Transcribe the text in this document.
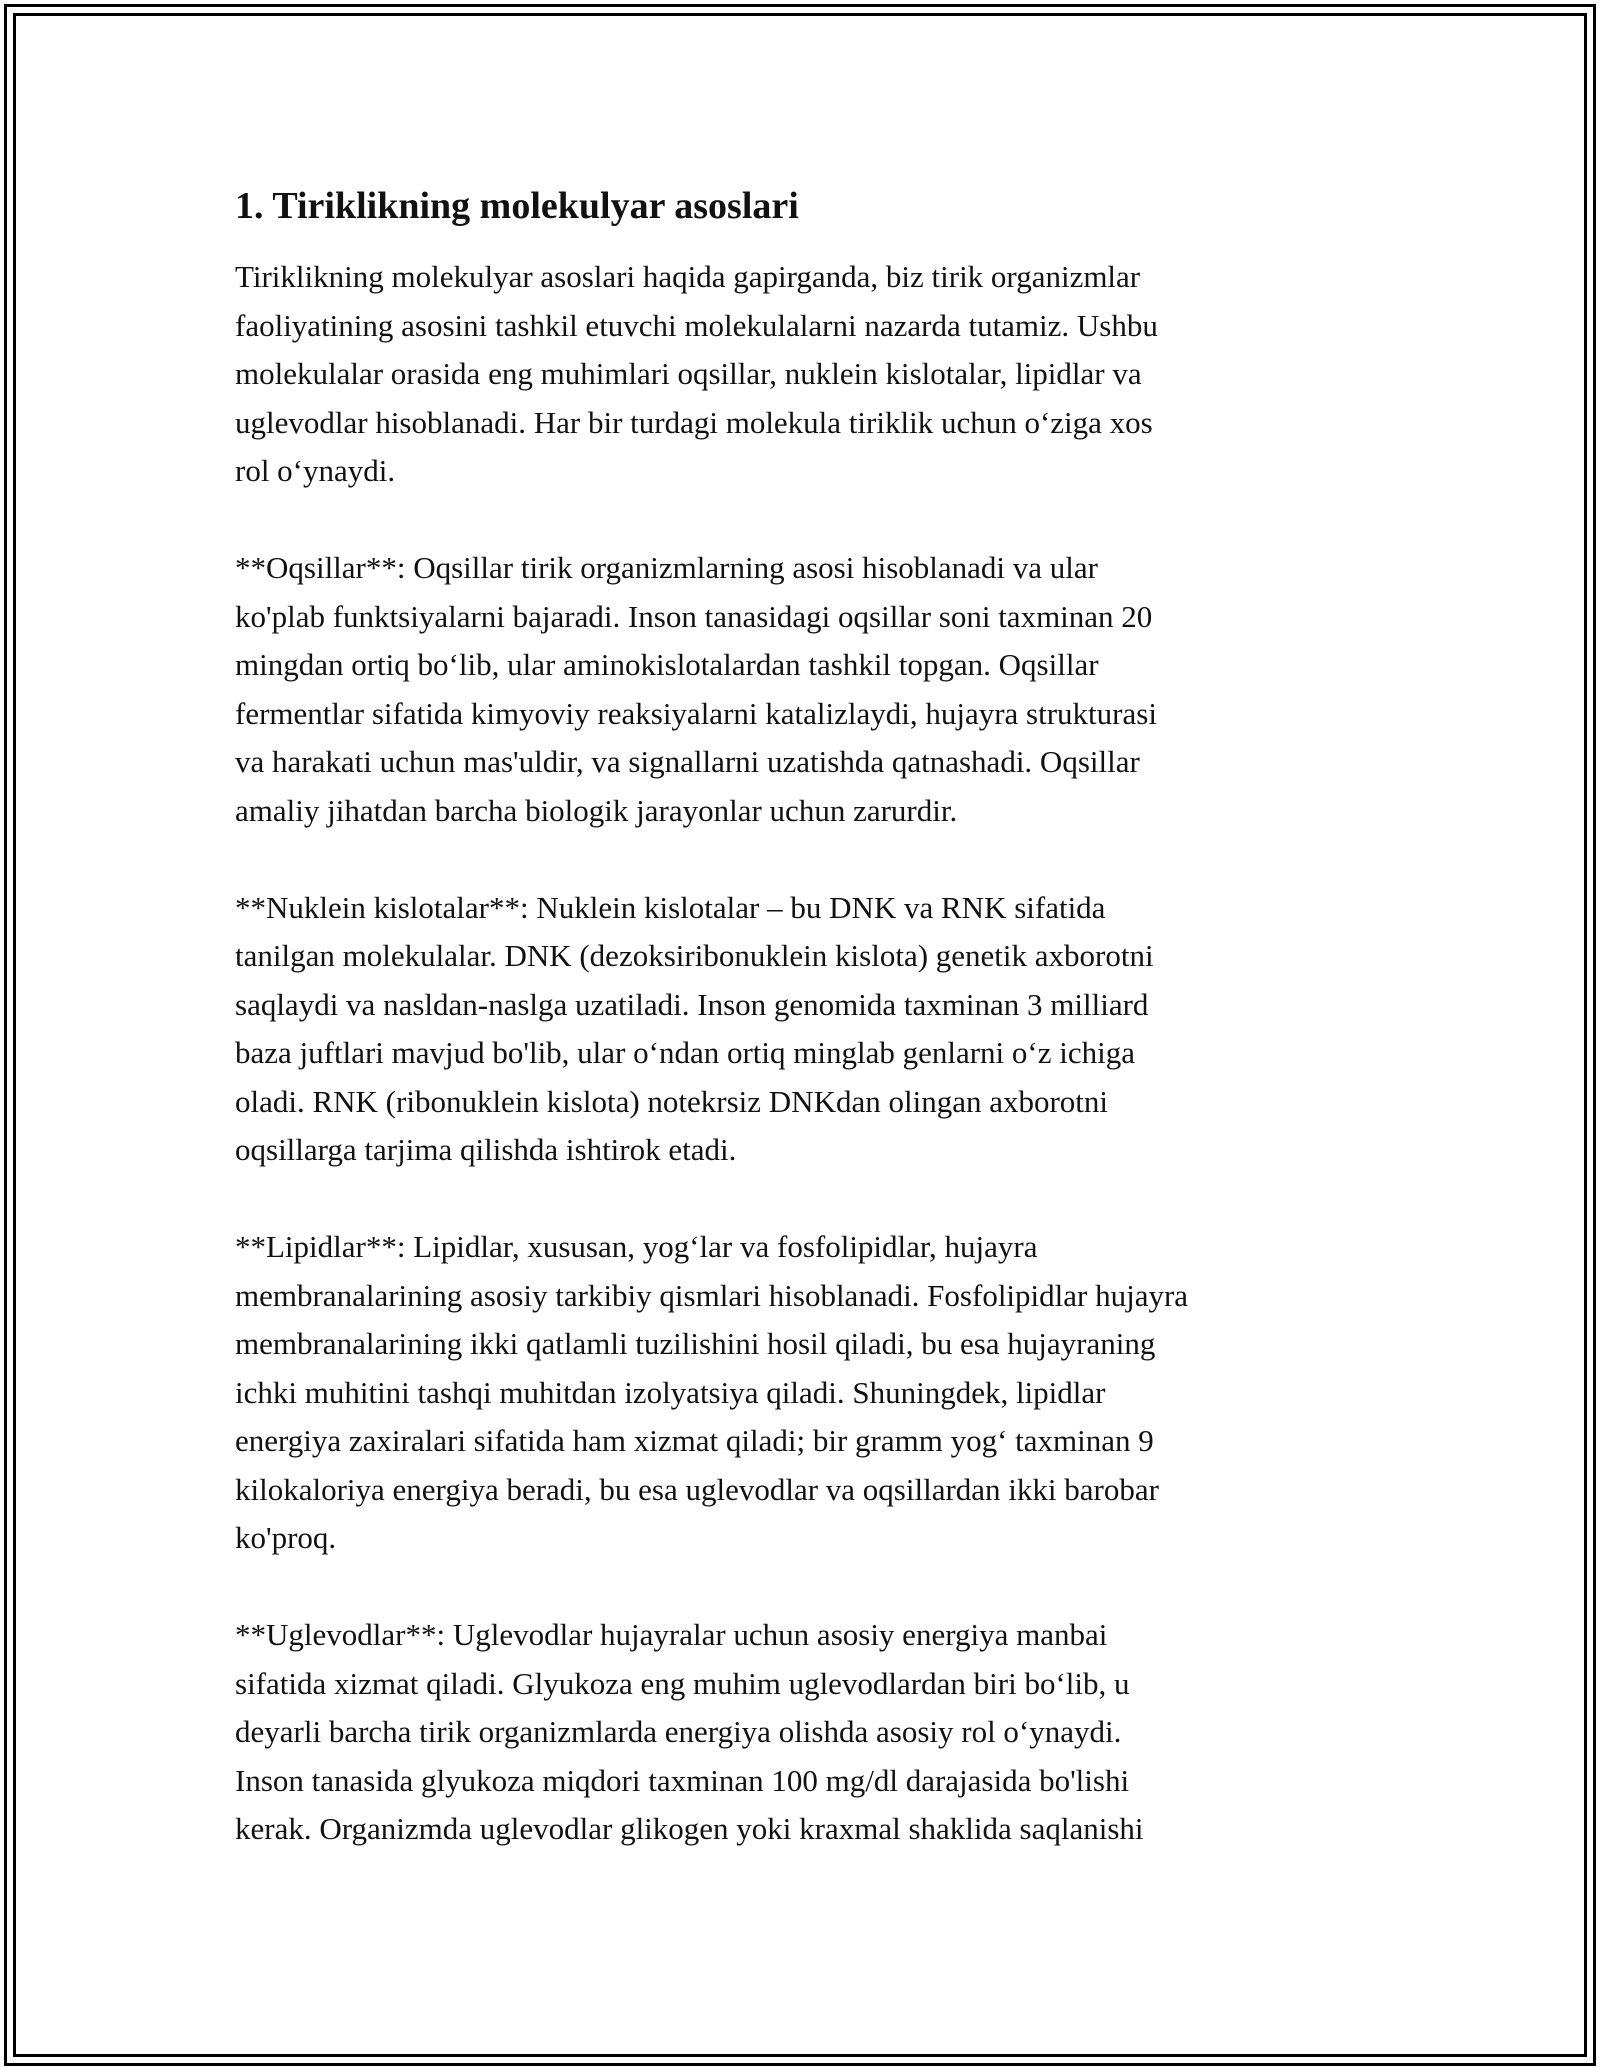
1. Tiriklikning molekulyar asoslari

Tiriklikning molekulyar asoslari haqida gapirganda, biz tirik organizmlar
faoliyatining asosini tashkil etuvchi molekulalarni nazarda tutamiz. Ushbu
molekulalar orasida eng muhimlari oqsillar, nuklein kislotalar, lipidlar va
uglevodlar hisoblanadi. Har bir turdagi molekula tiriklik uchun o‘ziga xos
rol o‘ynaydi.

**Oqsillar**: Oqsillar tirik organizmlarning asosi hisoblanadi va ular
ko'plab funktsiyalarni bajaradi. Inson tanasidagi oqsillar soni taxminan 20
mingdan ortiq bo‘lib, ular aminokislotalardan tashkil topgan. Oqsillar
fermentlar sifatida kimyoviy reaksiyalarni katalizlaydi, hujayra strukturasi
va harakati uchun mas'uldir, va signallarni uzatishda qatnashadi. Oqsillar
amaliy jihatdan barcha biologik jarayonlar uchun zarurdir.

**Nuklein kislotalar**: Nuklein kislotalar – bu DNK va RNK sifatida
tanilgan molekulalar. DNK (dezoksiribonuklein kislota) genetik axborotni
saqlaydi va nasldan-naslga uzatiladi. Inson genomida taxminan 3 milliard
baza juftlari mavjud bo'lib, ular o‘ndan ortiq minglab genlarni o‘z ichiga
oladi. RNK (ribonuklein kislota) notekrsiz DNKdan olingan axborotni
oqsillarga tarjima qilishda ishtirok etadi.

**Lipidlar**: Lipidlar, xususan, yog‘lar va fosfolipidlar, hujayra
membranalarining asosiy tarkibiy qismlari hisoblanadi. Fosfolipidlar hujayra
membranalarining ikki qatlamli tuzilishini hosil qiladi, bu esa hujayraning
ichki muhitini tashqi muhitdan izolyatsiya qiladi. Shuningdek, lipidlar
energiya zaxiralari sifatida ham xizmat qiladi; bir gramm yog‘ taxminan 9
kilokaloriya energiya beradi, bu esa uglevodlar va oqsillardan ikki barobar
ko'proq.

**Uglevodlar**: Uglevodlar hujayralar uchun asosiy energiya manbai
sifatida xizmat qiladi. Glyukoza eng muhim uglevodlardan biri bo‘lib, u
deyarli barcha tirik organizmlarda energiya olishda asosiy rol o‘ynaydi.
Inson tanasida glyukoza miqdori taxminan 100 mg/dl darajasida bo'lishi
kerak. Organizmda uglevodlar glikogen yoki kraxmal shaklida saqlanishi
